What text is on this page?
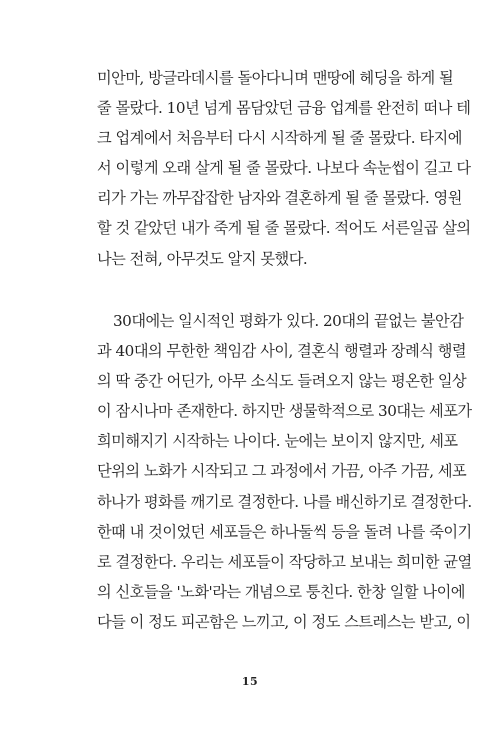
미안마, 방글라데시를 돌아다니며 맨땅에 헤딩을 하게 될
줄 몰랐다. 10년 넘게 몸담았던 금융 업계를 완전히 떠나 테
크 업계에서 처음부터 다시 시작하게 될 줄 몰랐다. 타지에
서 이렇게 오래 살게 될 줄 몰랐다. 나보다 속눈썹이 길고 다
리가 가는 까무잡잡한 남자와 결혼하게 될 줄 몰랐다. 영원
할 것 같았던 내가 죽게 될 줄 몰랐다. 적어도 서른일곱 살의
나는 전혀, 아무것도 알지 못했다.
30대에는 일시적인 평화가 있다. 20대의 끝없는 불안감
과 40대의 무한한 책임감 사이, 결혼식 행렬과 장례식 행렬
의 딱 중간 어딘가, 아무 소식도 들려오지 않는 평온한 일상
이 잠시나마 존재한다. 하지만 생물학적으로 30대는 세포가
희미해지기 시작하는 나이다. 눈에는 보이지 않지만, 세포
단위의 노화가 시작되고 그 과정에서 가끔, 아주 가끔, 세포
하나가 평화를 깨기로 결정한다. 나를 배신하기로 결정한다.
한때 내 것이었던 세포들은 하나둘씩 등을 돌려 나를 죽이기
로 결정한다. 우리는 세포들이 작당하고 보내는 희미한 균열
의 신호들을 '노화'라는 개념으로 퉁친다. 한창 일할 나이에
다들 이 정도 피곤함은 느끼고, 이 정도 스트레스는 받고, 이
15
